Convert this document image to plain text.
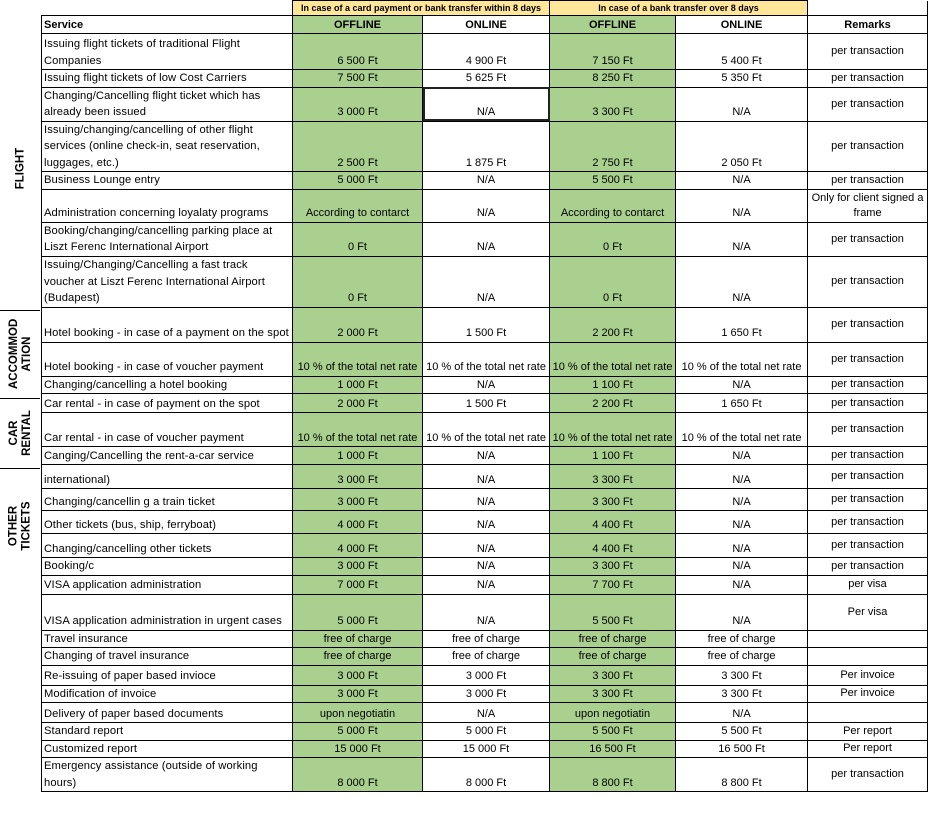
FLIGHT
ACCOMMOD ATION
CAR RENTAL
OTHER TICKETS
	In case of a card payment or bank transfer within 8 days		In case of a bank transfer over 8 days		
Service	OFFLINE	ONLINE	OFFLINE	ONLINE	Remarks
Issuing flight tickets of traditional Flight Companies	6 500 Ft	4 900 Ft	7 150 Ft	5 400 Ft	per transaction
Issuing flight tickets of low Cost Carriers	7 500 Ft	5 625 Ft	8 250 Ft	5 350 Ft	per transaction
Changing/Cancelling flight ticket which has already been issued	3 000 Ft	N/A	3 300 Ft	N/A	per transaction
Issuing/changing/cancelling of other flight services (online check-in, seat reservation, luggages, etc.)	2 500 Ft	1 875 Ft	2 750 Ft	2 050 Ft	per transaction
Business Lounge entry	5 000 Ft	N/A	5 500 Ft	N/A	per transaction
Administration concerning loyalaty programs	According to contarct	N/A	According to contarct	N/A	Only for client signed a frame
Booking/changing/cancelling parking place at Liszt Ferenc International Airport	0 Ft	N/A	0 Ft	N/A	per transaction
Issuing/Changing/Cancelling a fast track voucher at Liszt Ferenc International Airport (Budapest)	0 Ft	N/A	0 Ft	N/A	per transaction
Hotel booking - in case of a payment on the spot	2 000 Ft	1 500 Ft	2 200 Ft	1 650 Ft	per transaction
Hotel booking - in case of voucher payment	10 % of the total net rate	10 % of the total net rate	10 % of the total net rate	10 % of the total net rate	per transaction
Changing/cancelling a hotel booking	1 000 Ft	N/A	1 100 Ft	N/A	per transaction
Car rental - in case of payment on the spot	2 000 Ft	1 500 Ft	2 200 Ft	1 650 Ft	per transaction
Car rental - in case of voucher payment	10 % of the total net rate	10 % of the total net rate	10 % of the total net rate	10 % of the total net rate	per transaction
Canging/Cancelling the rent-a-car service	1 000 Ft	N/A	1 100 Ft	N/A	per transaction
international)	3 000 Ft	N/A	3 300 Ft	N/A	per transaction
Changing/cancellin g a train ticket	3 000 Ft	N/A	3 300 Ft	N/A	per transaction
Other tickets (bus, ship, ferryboat)	4 000 Ft	N/A	4 400 Ft	N/A	per transaction
Changing/cancelling other tickets	4 000 Ft	N/A	4 400 Ft	N/A	per transaction
Booking/c	3 000 Ft	N/A	3 300 Ft	N/A	per transaction
VISA application administration	7 000 Ft	N/A	7 700 Ft	N/A	per visa
VISA application administration in urgent cases	5 000 Ft	N/A	5 500 Ft	N/A	Per visa
Travel insurance	free of charge	free of charge	free of charge	free of charge	
Changing of travel insurance	free of charge	free of charge	free of charge	free of charge	
Re-issuing of paper based invioce	3 000 Ft	3 000 Ft	3 300 Ft	3 300 Ft	Per invoice
Modification of invoice	3 000 Ft	3 000 Ft	3 300 Ft	3 300 Ft	Per invoice
Delivery of paper based documents	upon negotiatin	N/A	upon negotiatin	N/A	
Standard report	5 000 Ft	5 000 Ft	5 500 Ft	5 500 Ft	Per report
Customized report	15 000 Ft	15 000 Ft	16 500 Ft	16 500 Ft	Per report
Emergency assistance (outside of working hours)	8 000 Ft	8 000 Ft	8 800 Ft	8 800 Ft	per transaction
